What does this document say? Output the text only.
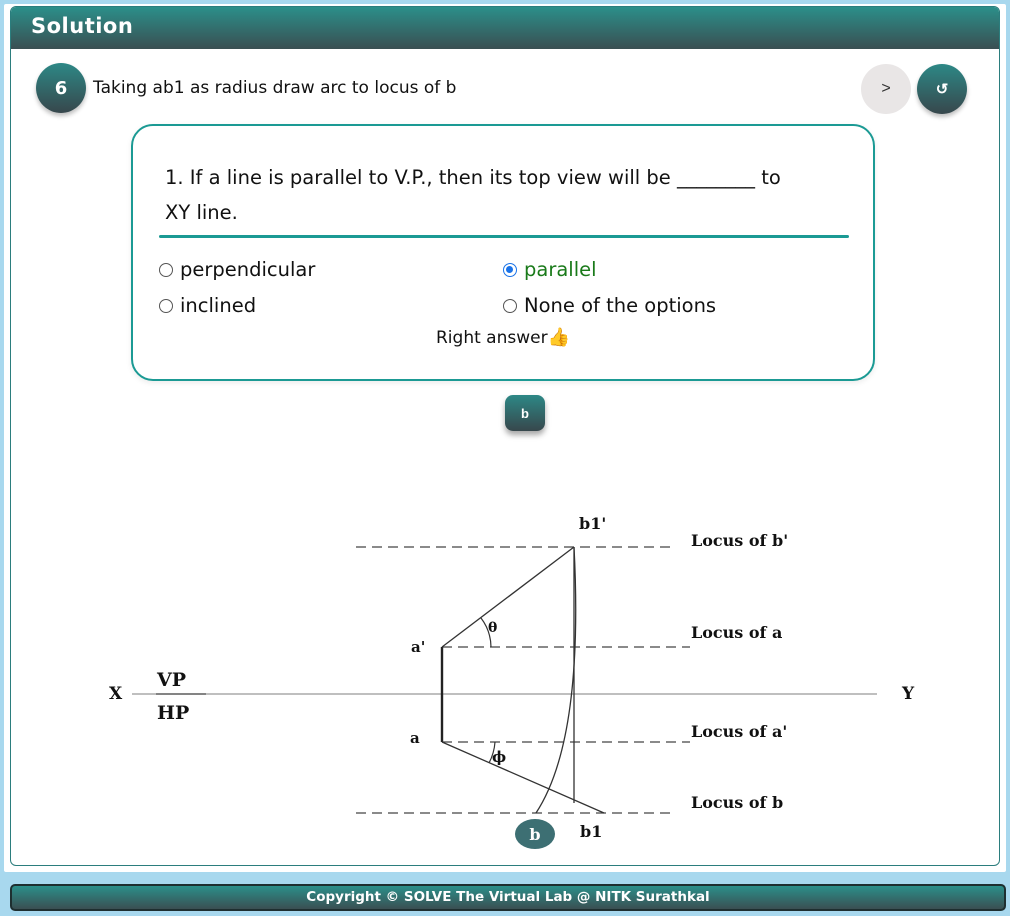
Solution
6	Taking ab1 as radius draw arc to locus of b	>	↺
1. If a line is parallel to V.P., then its top view will be ________ to
XY line.
perpendicular	parallel
inclined	None of the options
Right answer👍
b
b1'
Locus of b'
a'
θ	Locus of a
X
VP
HP
Y
a
ϕ
Locus of a'
Locus of b
b b1
Copyright © SOLVE The Virtual Lab @ NITK Surathkal
